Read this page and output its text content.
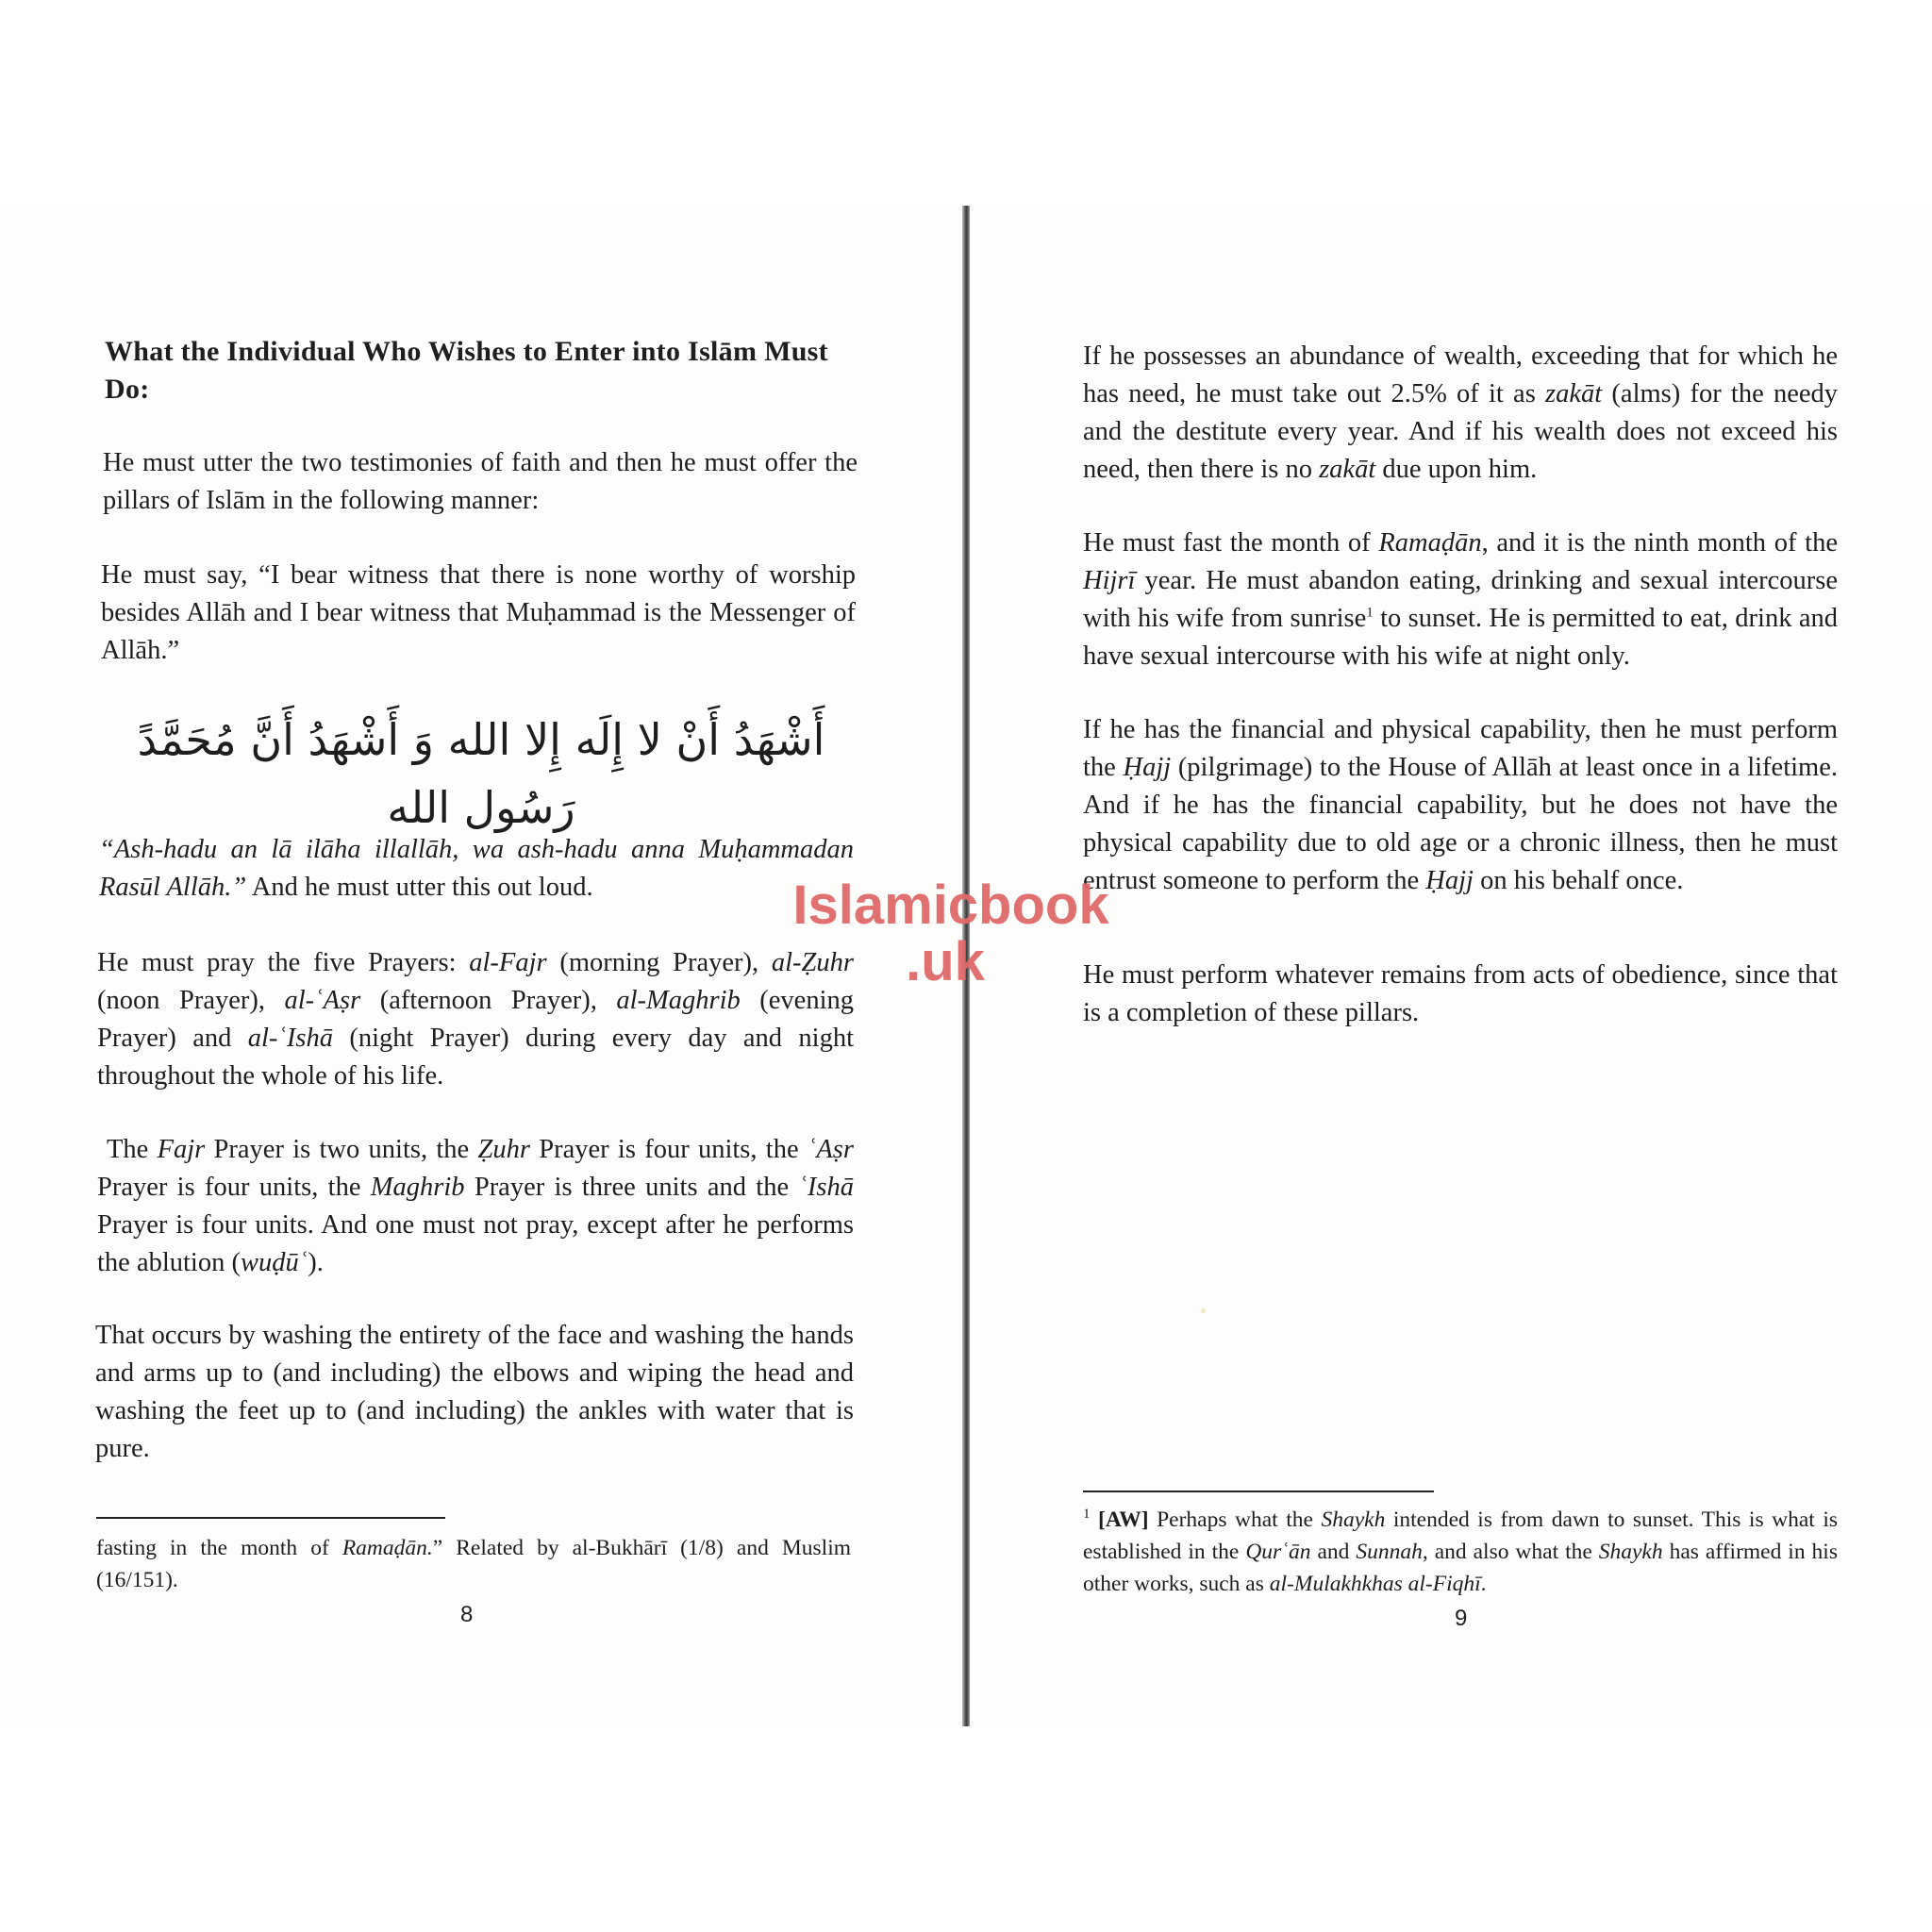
What the Individual Who Wishes to Enter into Islām Must Do:

He must utter the two testimonies of faith and then he must offer the pillars of Islām in the following manner:

He must say, “I bear witness that there is none worthy of worship besides Allāh and I bear witness that Muḥammad is the Messenger of Allāh.”

أَشْهَدُ أَنْ لا إِلَه إِلا الله وَ أَشْهَدُ أَنَّ مُحَمَّدً رَسُول الله

“Ash-hadu an lā ilāha illallāh, wa ash-hadu anna Muḥammadan Rasūl Allāh.” And he must utter this out loud.

He must pray the five Prayers: al-Fajr (morning Prayer), al-Ẓuhr (noon Prayer), al-ʿAṣr (afternoon Prayer), al-Maghrib (evening Prayer) and al-ʿIshā (night Prayer) during every day and night throughout the whole of his life.

The Fajr Prayer is two units, the Ẓuhr Prayer is four units, the ʿAṣr Prayer is four units, the Maghrib Prayer is three units and the ʿIshā Prayer is four units. And one must not pray, except after he performs the ablution (wuḍūʿ).

That occurs by washing the entirety of the face and washing the hands and arms up to (and including) the elbows and wiping the head and washing the feet up to (and including) the ankles with water that is pure.

fasting in the month of Ramaḍān.” Related by al-Bukhārī (1/8) and Muslim (16/151).

8

If he possesses an abundance of wealth, exceeding that for which he has need, he must take out 2.5% of it as zakāt (alms) for the needy and the destitute every year. And if his wealth does not exceed his need, then there is no zakāt due upon him.

He must fast the month of Ramaḍān, and it is the ninth month of the Hijrī year. He must abandon eating, drinking and sexual intercourse with his wife from sunrise$^1$ to sunset. He is permitted to eat, drink and have sexual intercourse with his wife at night only.

If he has the financial and physical capability, then he must perform the Ḥajj (pilgrimage) to the House of Allāh at least once in a lifetime. And if he has the financial capability, but he does not have the physical capability due to old age or a chronic illness, then he must entrust someone to perform the Ḥajj on his behalf once.

He must perform whatever remains from acts of obedience, since that is a completion of these pillars.

$^1$ [AW] Perhaps what the Shaykh intended is from dawn to sunset. This is what is established in the Qurʿān and Sunnah, and also what the Shaykh has affirmed in his other works, such as al-Mulakhkhas al-Fiqhī.

9
Islamicbook
.uk
